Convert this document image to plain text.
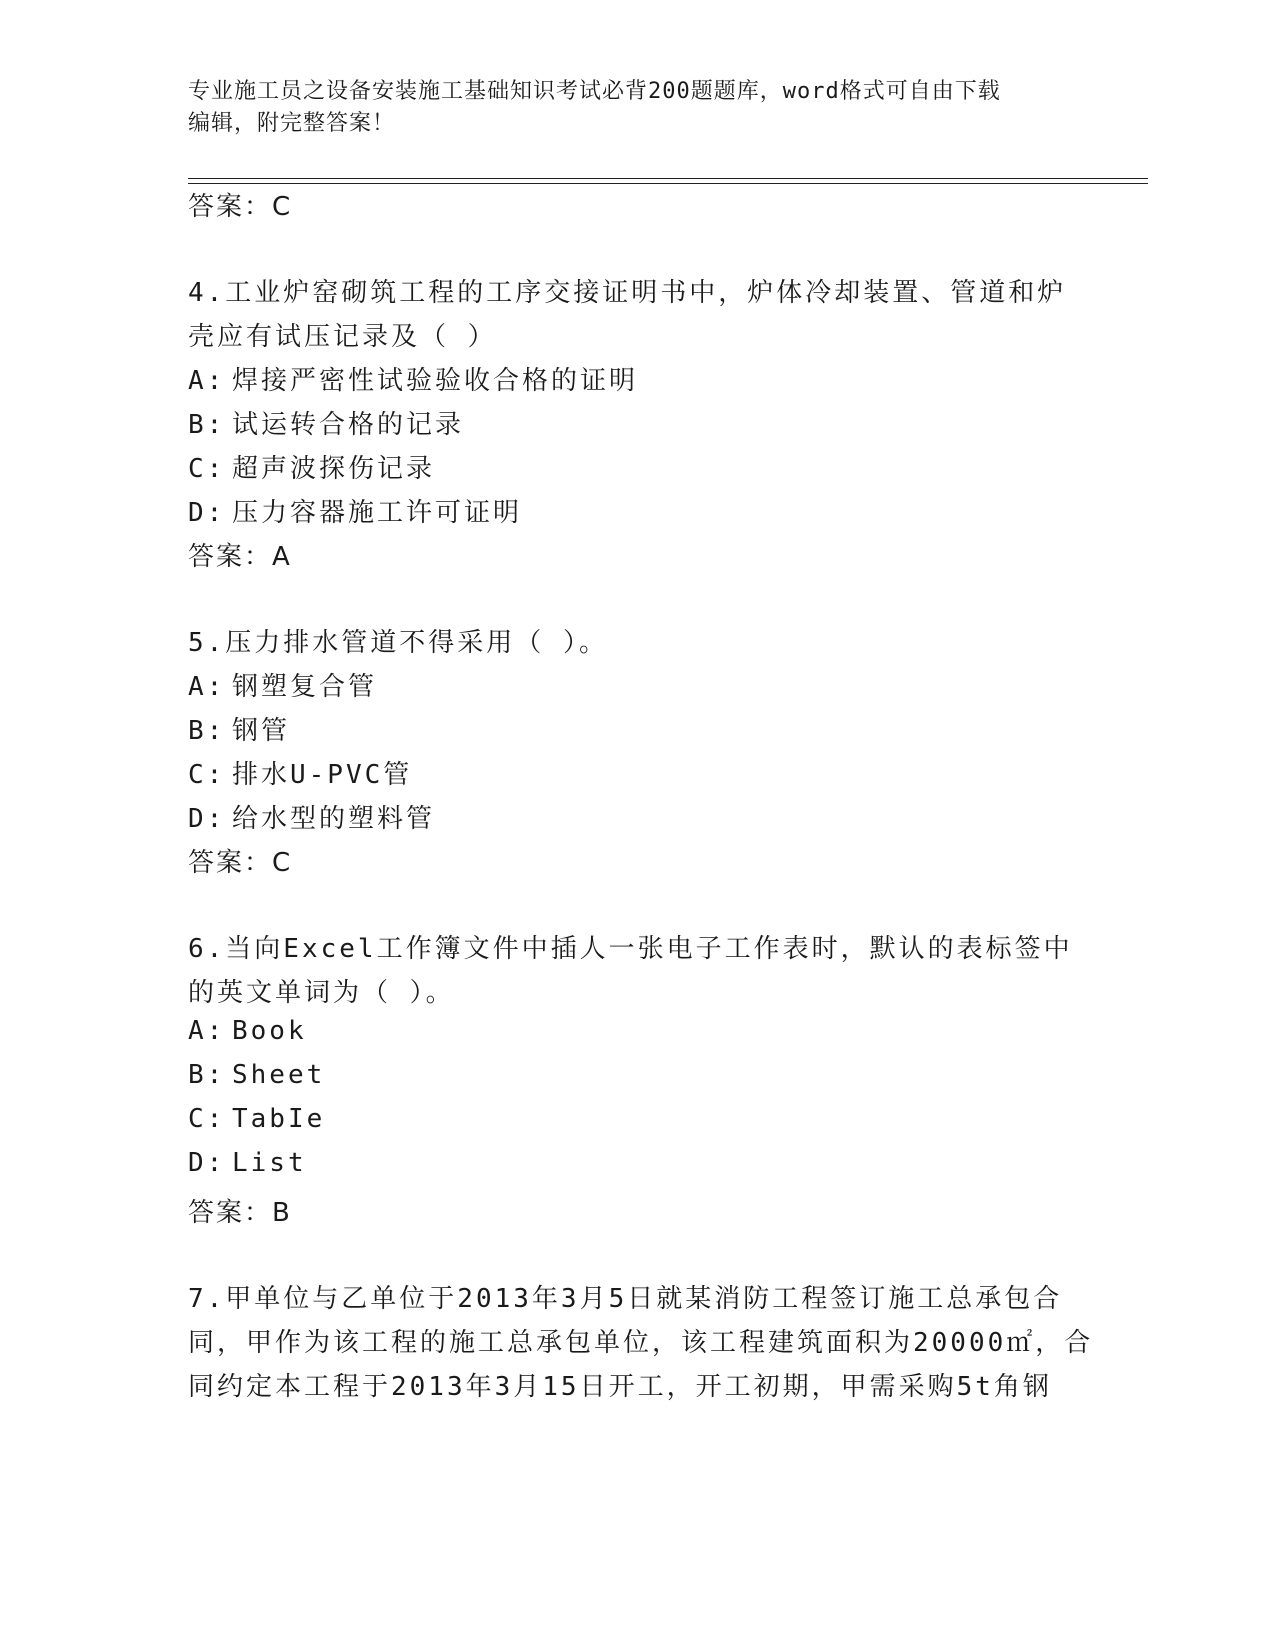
专业施工员之设备安装施工基础知识考试必背200题题库，word格式可自由下载
编辑，附完整答案！
答案：C
4.工业炉窑砌筑工程的工序交接证明书中，炉体冷却装置、管道和炉
壳应有试压记录及（ ）
A: 焊接严密性试验验收合格的证明
B: 试运转合格的记录
C: 超声波探伤记录
D: 压力容器施工许可证明
答案：A
5.压力排水管道不得采用（ ）。
A: 钢塑复合管
B: 钢管
C: 排水U-PVC管
D: 给水型的塑料管
答案：C
6.当向Excel工作簿文件中插人一张电子工作表时，默认的表标签中
的英文单词为（ ）。
A: Book
B: Sheet
C: TabIe
D: List
答案：B
7.甲单位与乙单位于2013年3月5日就某消防工程签订施工总承包合
同，甲作为该工程的施工总承包单位，该工程建筑面积为20000㎡，合
同约定本工程于2013年3月15日开工，开工初期，甲需采购5t角钢
